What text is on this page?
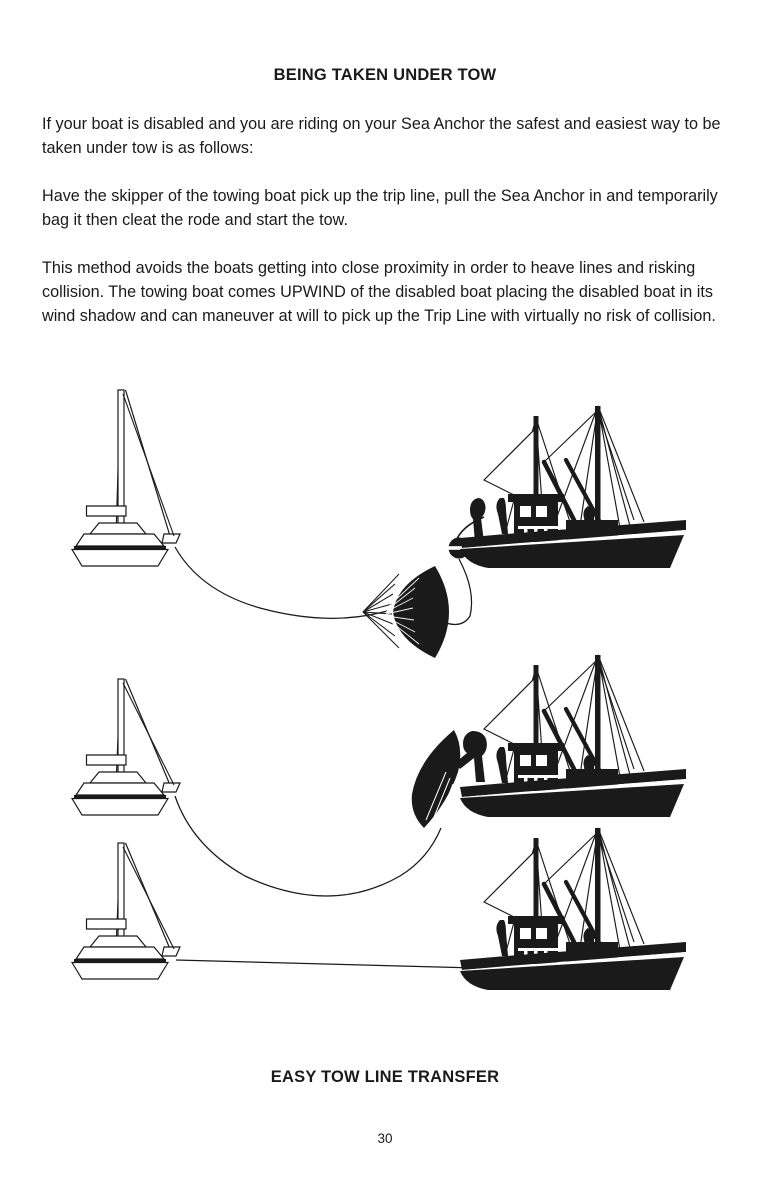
BEING TAKEN UNDER TOW

If your boat is disabled and you are riding on your Sea Anchor the safest and easiest way to be taken under tow is as follows:

Have the skipper of the towing boat pick up the trip line, pull the Sea Anchor in and temporarily bag it then cleat the rode and start the tow.

This method avoids the boats getting into close proximity in order to heave lines and risking collision. The towing boat comes UPWIND of the disabled boat placing the disabled boat in its wind shadow and can maneuver at will to pick up the Trip Line with virtually no risk of collision.

EASY TOW LINE TRANSFER
30
